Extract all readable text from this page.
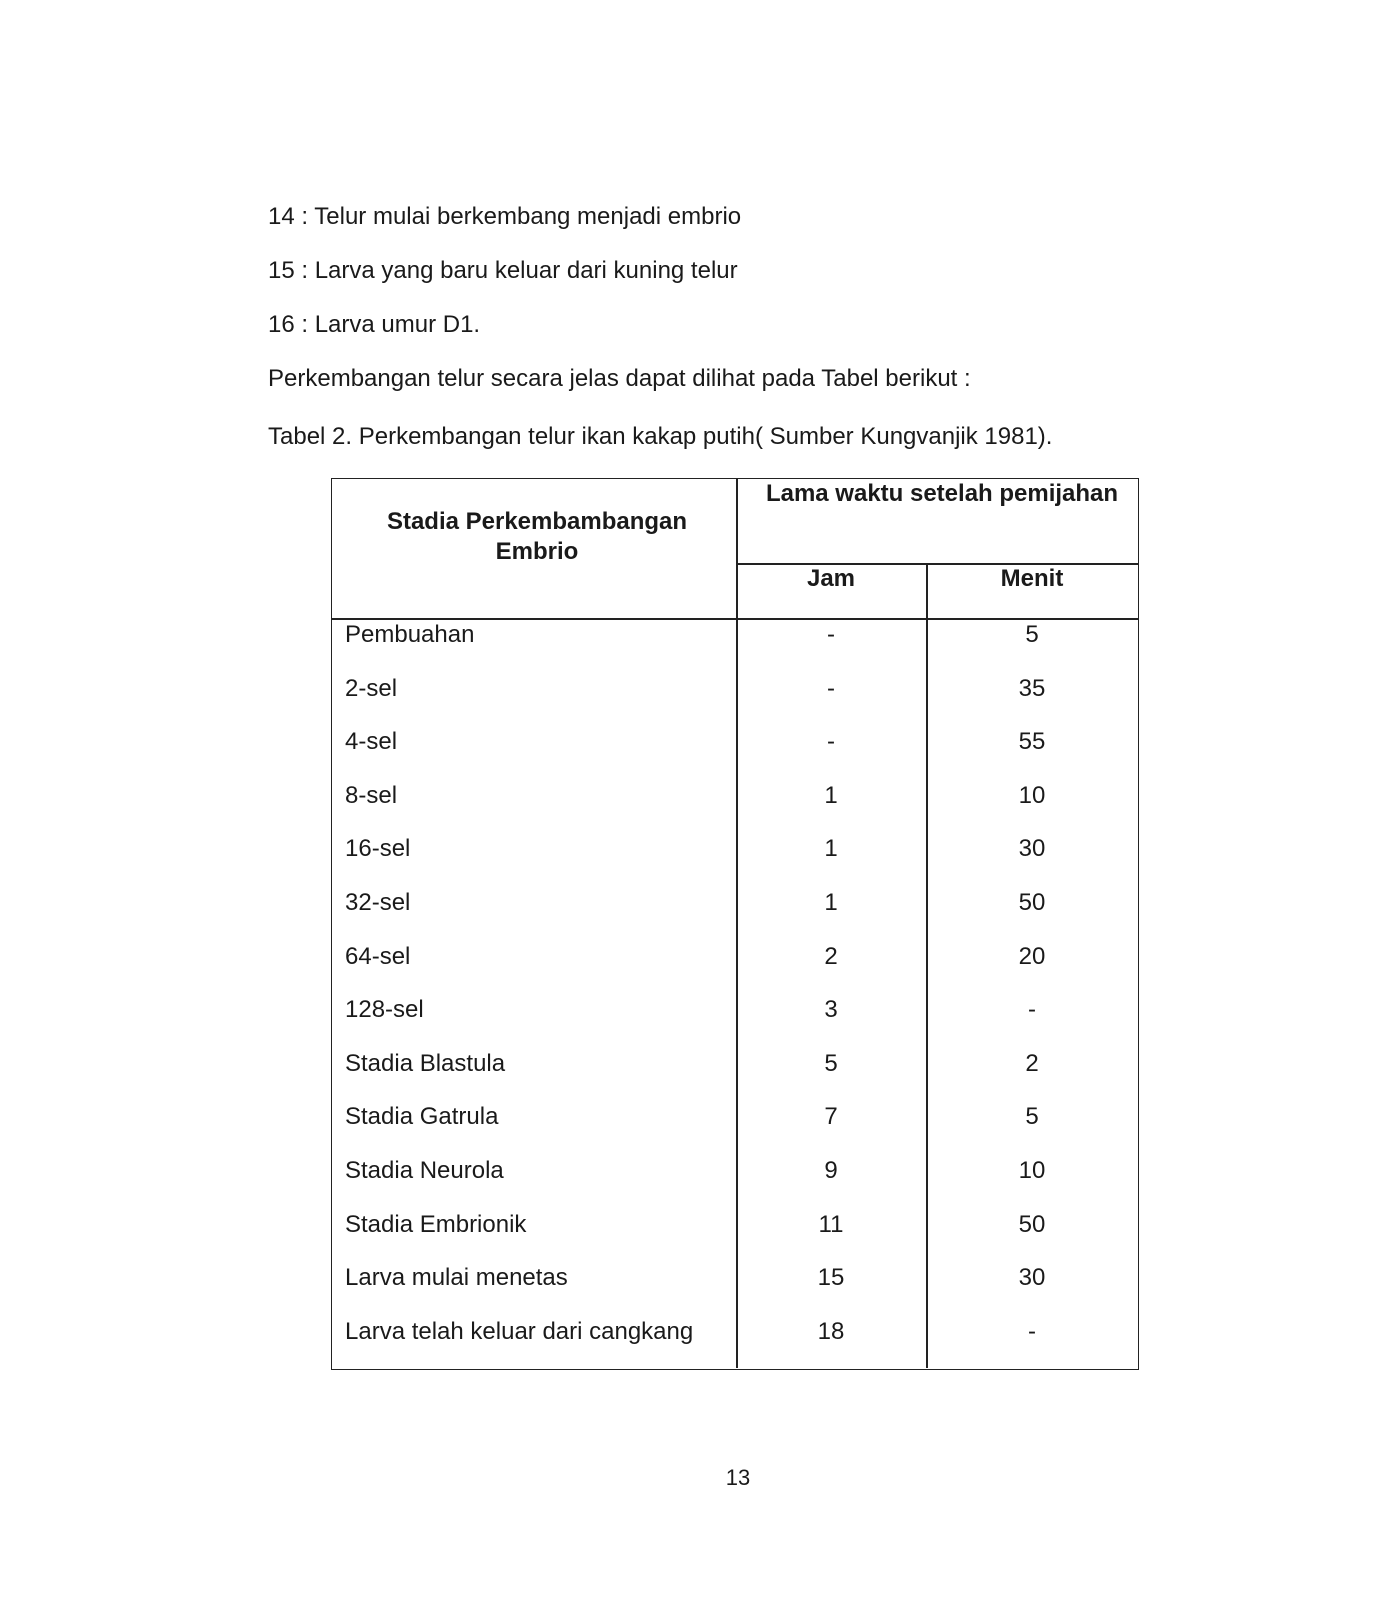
14 : Telur mulai berkembang menjadi embrio
15 : Larva yang baru keluar dari kuning telur
16 : Larva umur D1.
Perkembangan telur secara jelas dapat dilihat pada Tabel berikut :
Tabel 2. Perkembangan telur ikan kakap putih( Sumber Kungvanjik 1981).
Stadia Perkembambangan Embrio
Lama waktu setelah pemijahan
Jam	Menit
Pembuahan	-	5
2-sel	-	35
4-sel	-	55
8-sel	1	10
16-sel	1	30
32-sel	1	50
64-sel	2	20
128-sel	3	-
Stadia Blastula	5	2
Stadia Gatrula	7	5
Stadia Neurola	9	10
Stadia Embrionik	11	50
Larva mulai menetas	15	30
Larva telah keluar dari cangkang	18	-
13
